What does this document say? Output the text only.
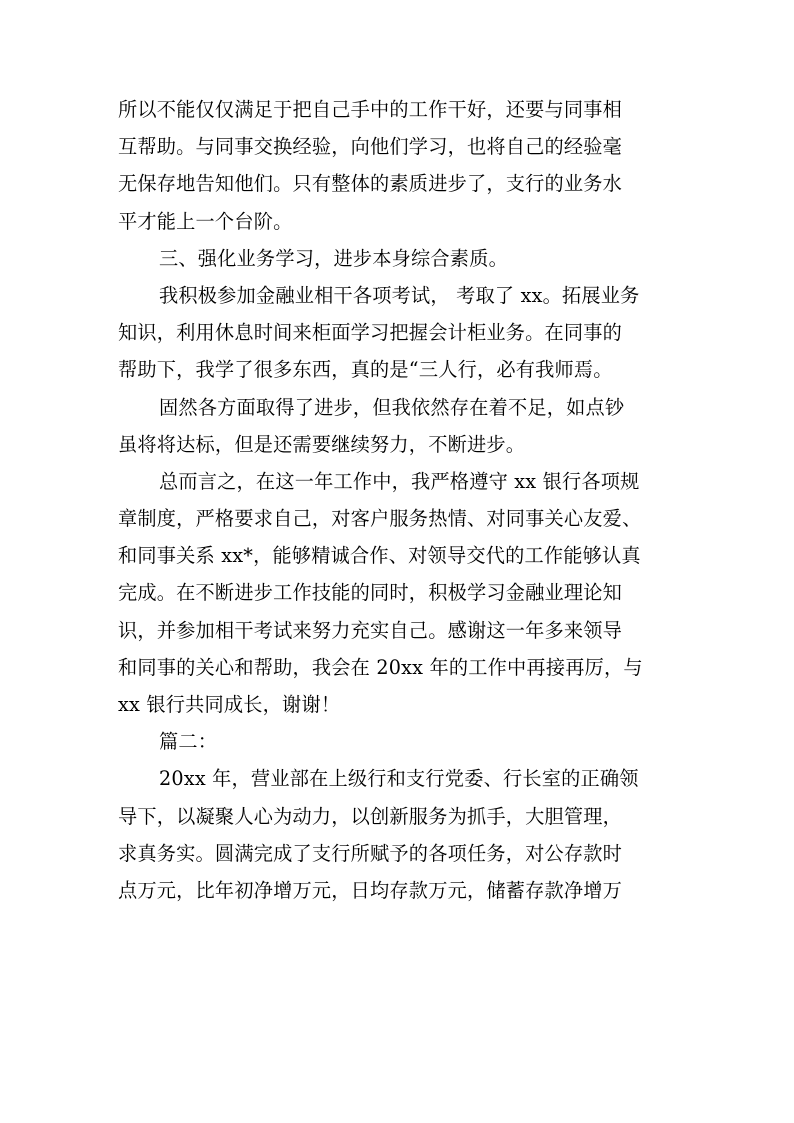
所以不能仅仅满足于把自己手中的工作干好，还要与同事相
互帮助。与同事交换经验，向他们学习，也将自己的经验毫
无保存地告知他们。只有整体的素质进步了，支行的业务水
平才能上一个台阶。
三、强化业务学习，进步本身综合素质。
我积极参加金融业相干各项考试， 考取了 xx。拓展业务
知识，利用休息时间来柜面学习把握会计柜业务。在同事的
帮助下，我学了很多东西，真的是“三人行，必有我师焉。
固然各方面取得了进步，但我依然存在着不足，如点钞
虽将将达标，但是还需要继续努力，不断进步。
总而言之，在这一年工作中，我严格遵守 xx 银行各项规
章制度，严格要求自己，对客户服务热情、对同事关心友爱、
和同事关系 xx*，能够精诚合作、对领导交代的工作能够认真
完成。在不断进步工作技能的同时，积极学习金融业理论知
识，并参加相干考试来努力充实自己。感谢这一年多来领导
和同事的关心和帮助，我会在 20xx 年的工作中再接再厉，与
xx 银行共同成长，谢谢！
篇二：
20xx 年，营业部在上级行和支行党委、行长室的正确领
导下，以凝聚人心为动力，以创新服务为抓手，大胆管理，
求真务实。圆满完成了支行所赋予的各项任务，对公存款时
点万元，比年初净增万元，日均存款万元，储蓄存款净增万
